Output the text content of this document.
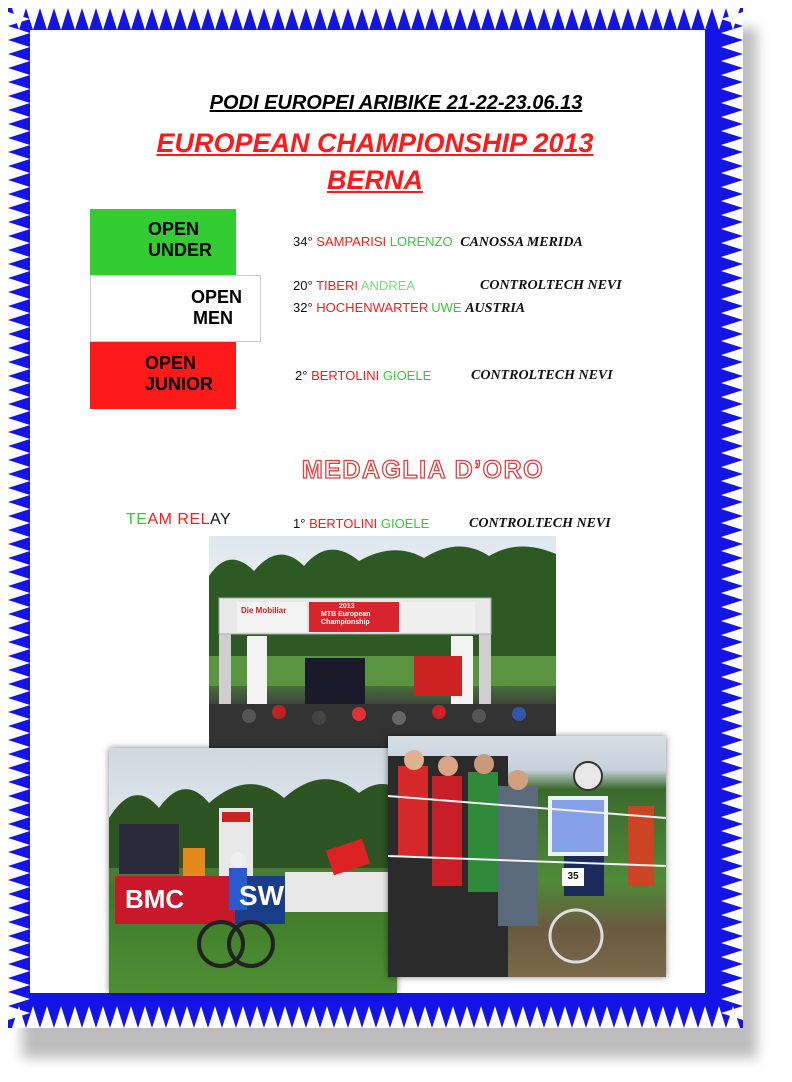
PODI EUROPEI ARIBIKE 21-22-23.06.13
EUROPEAN CHAMPIONSHIP 2013
BERNA
OPEN
UNDER
OPEN
MEN
OPEN
JUNIOR
34° SAMPARISI LORENZO CANOSSA MERIDA
20° TIBERI ANDREA	CONTROLTECH NEVI
32° HOCHENWARTER UWE AUSTRIA
2° BERTOLINI GIOELE	CONTROLTECH NEVI
MEDAGLIA D’ORO
TEAM RELAY	1° BERTOLINI GIOELE	CONTROLTECH NEVI
Die Mobiliar	2013
MTB European
Championship
BMC SW
35
